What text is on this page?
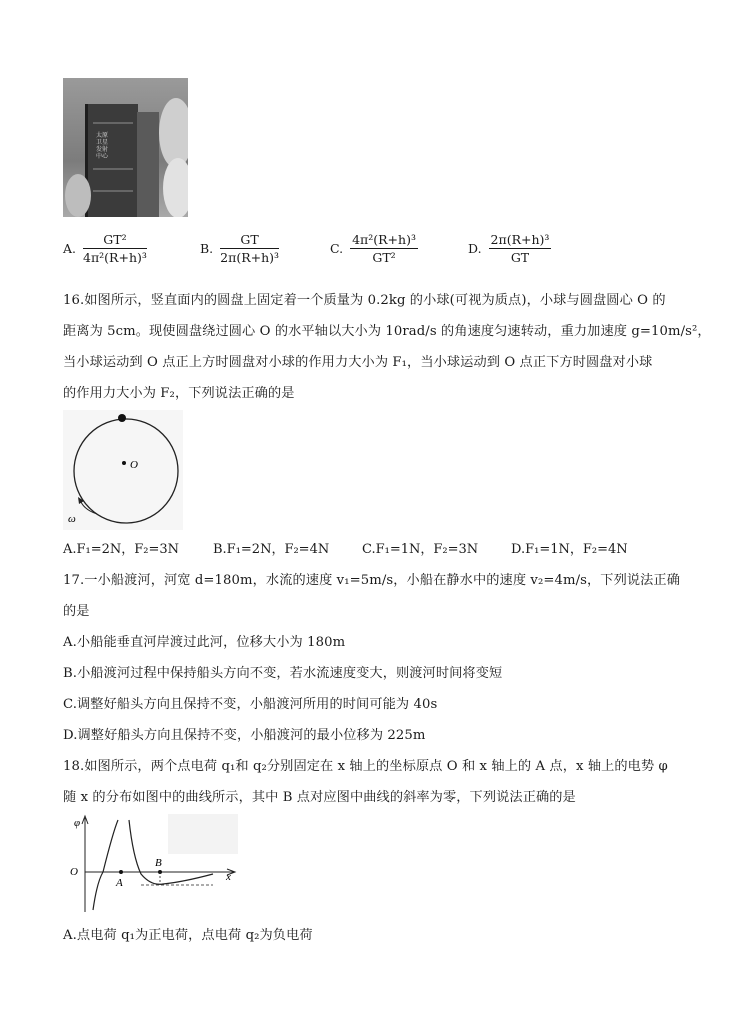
太原卫星发射中心
A. $\frac{\text{GT²}}{\text{4π²(R+h)³}}$	B. $\frac{GT}{\text{2π(R+h)³}}$	C. $\frac{\text{4π²(R+h)³}}{\text{GT²}}$	D. $\frac{\text{2π(R+h)³}}{GT}$
16.如图所示，竖直面内的圆盘上固定着一个质量为 0.2kg 的小球(可视为质点)，小球与圆盘圆心 O 的
距离为 5cm。现使圆盘绕过圆心 O 的水平轴以大小为 10rad/s 的角速度匀速转动，重力加速度 g=10m/s²，
当小球运动到 O 点正上方时圆盘对小球的作用力大小为 F₁，当小球运动到 O 点正下方时圆盘对小球
的作用力大小为 F₂，下列说法正确的是
O
ω
A.F₁=2N，F₂=3N	B.F₁=2N，F₂=4N	C.F₁=1N，F₂=3N	D.F₁=1N，F₂=4N
17.一小船渡河，河宽 d=180m，水流的速度 v₁=5m/s，小船在静水中的速度 v₂=4m/s，下列说法正确
的是
A.小船能垂直河岸渡过此河，位移大小为 180m
B.小船渡河过程中保持船头方向不变，若水流速度变大，则渡河时间将变短
C.调整好船头方向且保持不变，小船渡河所用的时间可能为 40s
D.调整好船头方向且保持不变，小船渡河的最小位移为 225m
18.如图所示，两个点电荷 q₁和 q₂分别固定在 x 轴上的坐标原点 O 和 x 轴上的 A 点，x 轴上的电势 φ
随 x 的分布如图中的曲线所示，其中 B 点对应图中曲线的斜率为零，下列说法正确的是
φ
x
O
A
B
A.点电荷 q₁为正电荷，点电荷 q₂为负电荷
